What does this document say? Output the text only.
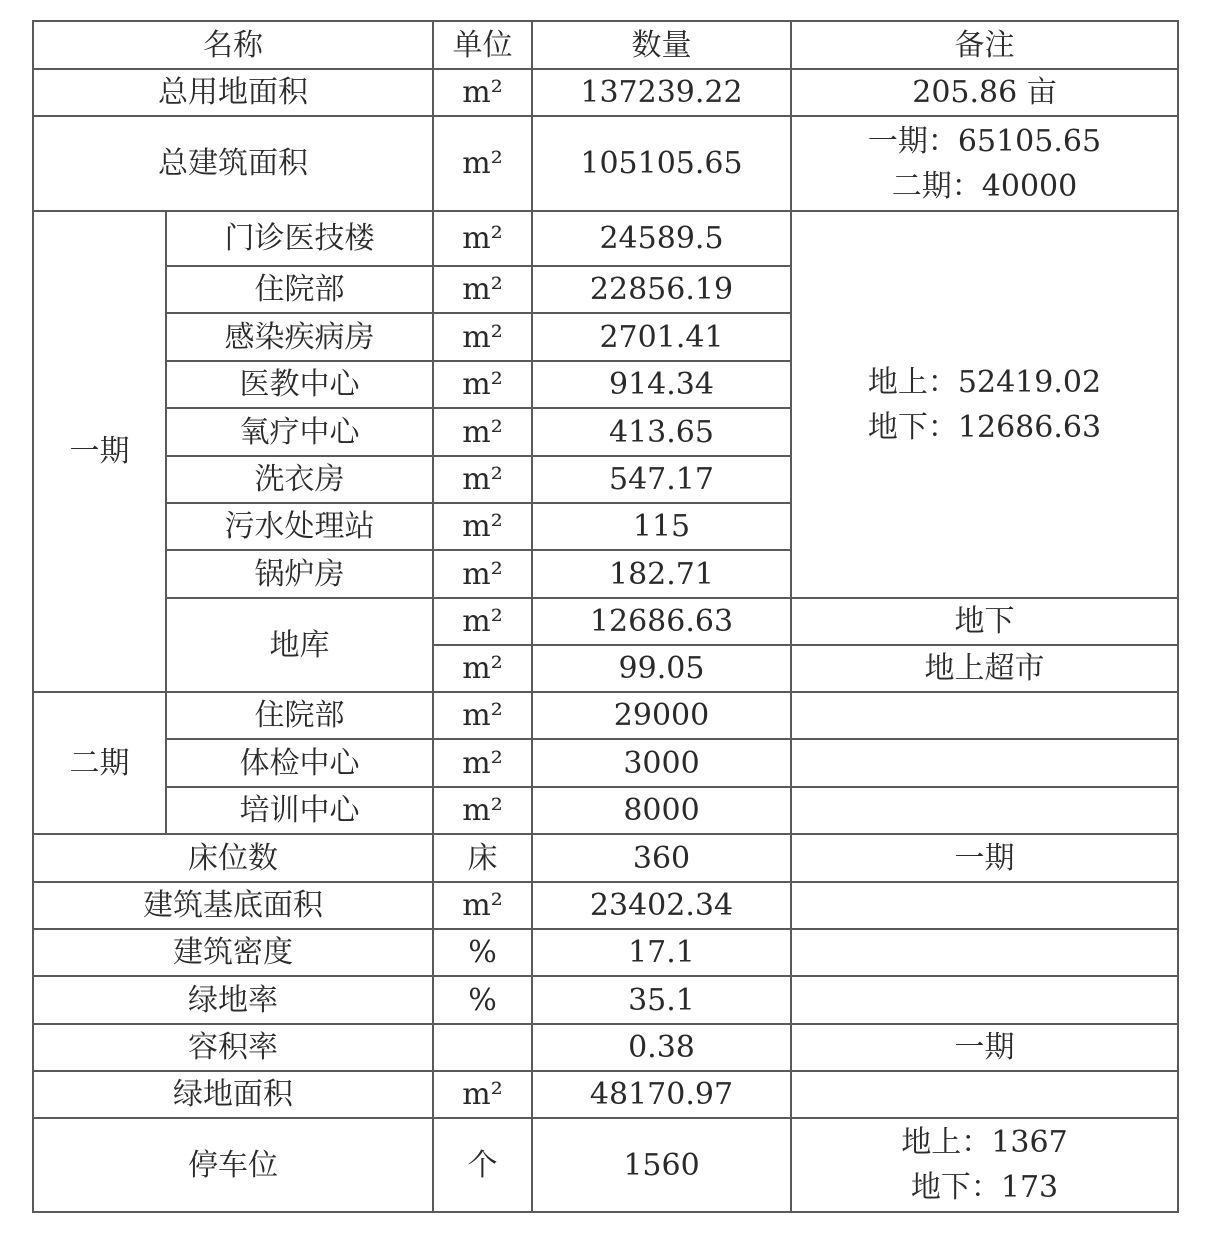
名称		单位	数量	备注
总用地面积		m²	137239.22	205.86 亩
总建筑面积		m²	105105.65	一期：65105.65
二期：40000

一期	门诊医技楼	m²	24589.5	地上：52419.02
地下：12686.63

	住院部	m²	22856.19	
	感染疾病房	m²	2701.41	
	医教中心	m²	914.34	
	氧疗中心	m²	413.65	
	洗衣房	m²	547.17	
	污水处理站	m²	115	
	锅炉房	m²	182.71	
	地库	m²	12686.63	地下
		m²	99.05	地上超市
二期	住院部	m²	29000	
	体检中心	m²	3000	
	培训中心	m²	8000	
床位数		床	360	一期
建筑基底面积		m²	23402.34	
建筑密度		%	17.1	
绿地率		%	35.1	
容积率			0.38	一期
绿地面积		m²	48170.97	
停车位		个	1560	地上：1367
地下：173
